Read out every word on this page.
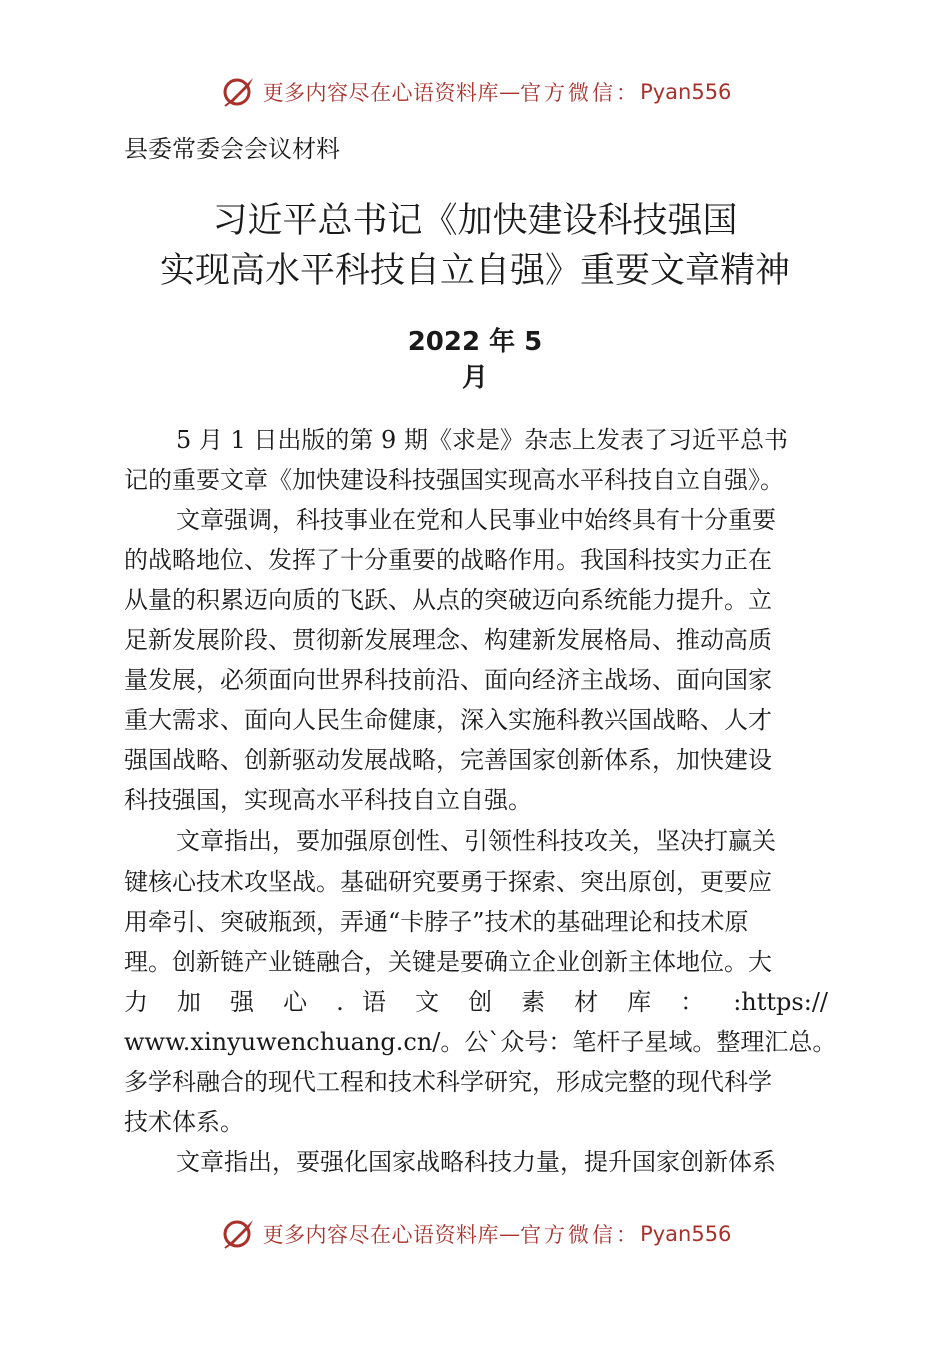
更多内容尽在心语资料库 — 官方微信： Pyan556
县委常委会会议材料
习近平总书记《加快建设科技强国
实现高水平科技自立自强》重要文章精神
2022 年 5
月
5 月 1 日出版的第 9 期《求是》杂志上发表了习近平总书
记的重要文章《加快建设科技强国实现高水平科技自立自强》。
文章强调，科技事业在党和人民事业中始终具有十分重要
的战略地位、发挥了十分重要的战略作用。我国科技实力正在
从量的积累迈向质的飞跃、从点的突破迈向系统能力提升。立
足新发展阶段、贯彻新发展理念、构建新发展格局、推动高质
量发展，必须面向世界科技前沿、面向经济主战场、面向国家
重大需求、面向人民生命健康，深入实施科教兴国战略、人才
强国战略、创新驱动发展战略，完善国家创新体系，加快建设
科技强国，实现高水平科技自立自强。
文章指出，要加强原创性、引领性科技攻关，坚决打赢关
键核心技术攻坚战。基础研究要勇于探索、突出原创，更要应
用牵引、突破瓶颈，弄通“卡脖子”技术的基础理论和技术原
理。创新链产业链融合，关键是要确立企业创新主体地位。大
力 加 强 心 . 语 文 创 素 材 库 ： :https://
www.xinyuwenchuang.cn/。公`众号：笔杆子星域。整理汇总。
多学科融合的现代工程和技术科学研究，形成完整的现代科学
技术体系。
文章指出，要强化国家战略科技力量，提升国家创新体系
更多内容尽在心语资料库 — 官方微信： Pyan556
